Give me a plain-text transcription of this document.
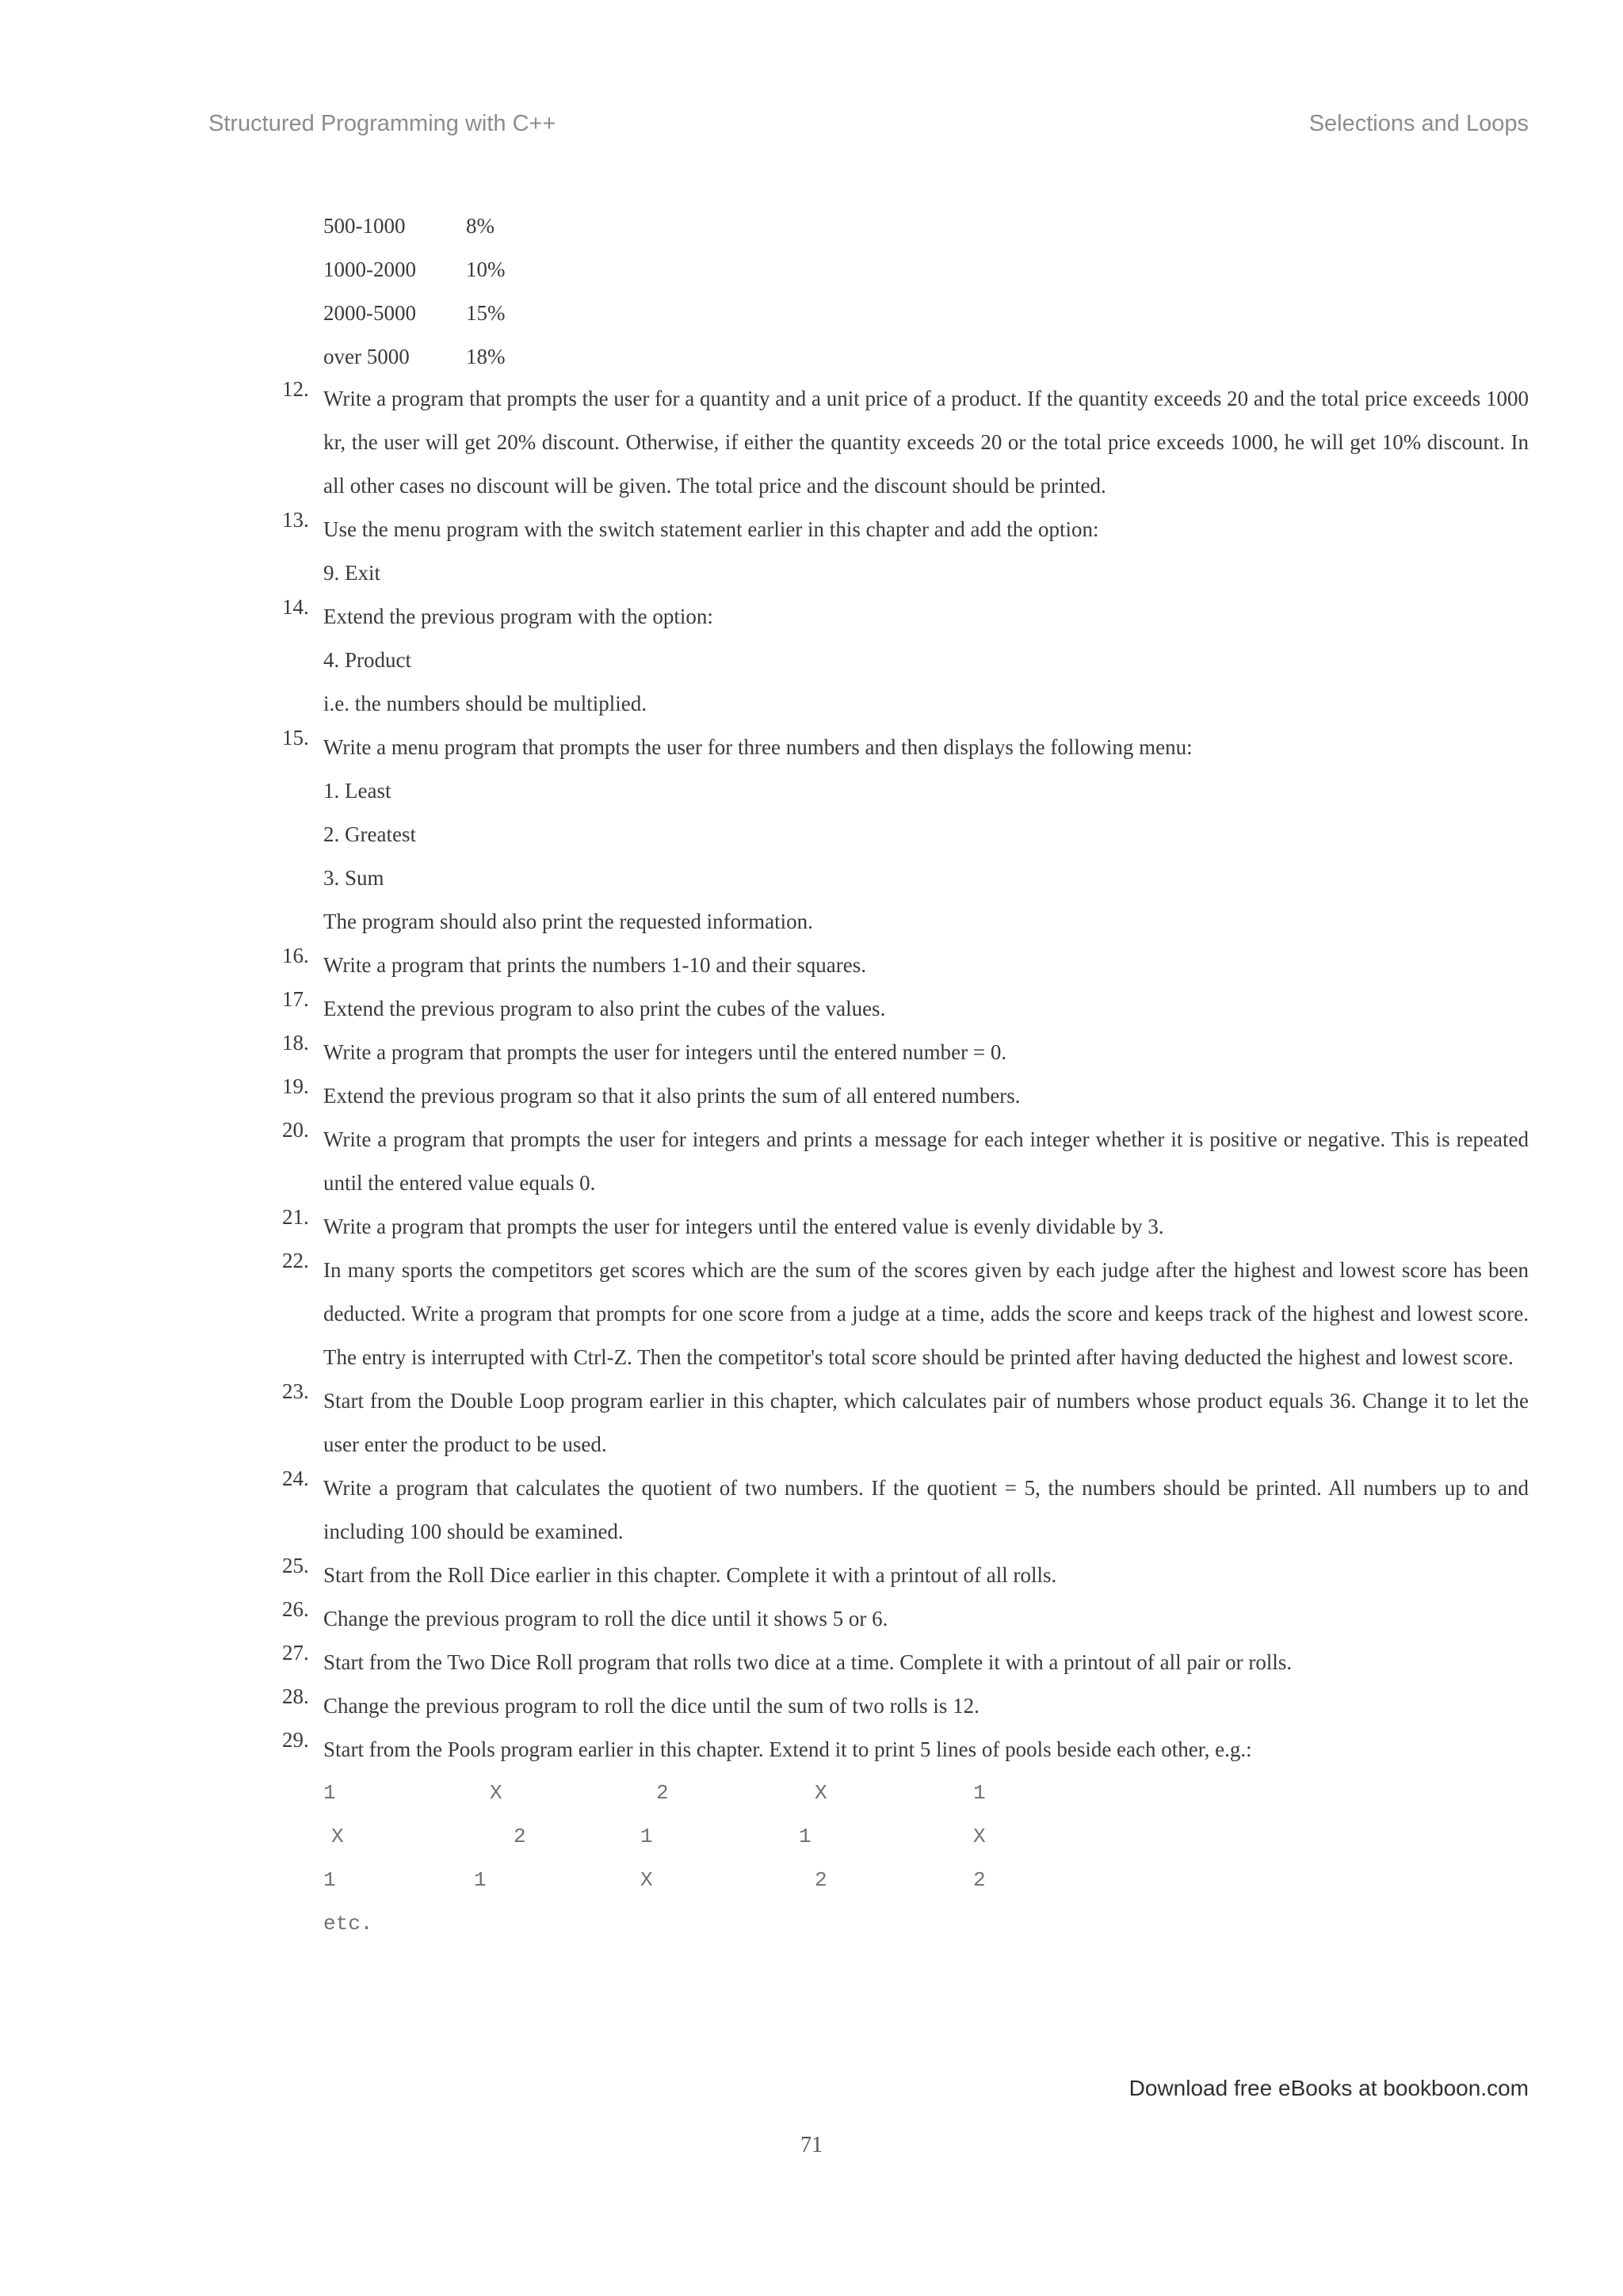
Structured Programming with C++	Selections and Loops
500-1000	8%
1000-2000	10%
2000-5000	15%
over 5000	18%
12. Write a program that prompts the user for a quantity and a unit price of a product. If the quantity exceeds 20 and the total price exceeds 1000 kr, the user will get 20% discount. Otherwise, if either the quantity exceeds 20 or the total price exceeds 1000, he will get 10% discount. In all other cases no discount will be given. The total price and the discount should be printed.
13. Use the menu program with the switch statement earlier in this chapter and add the option:
9. Exit
14. Extend the previous program with the option:
4. Product
i.e. the numbers should be multiplied.
15. Write a menu program that prompts the user for three numbers and then displays the following menu:
1. Least
2. Greatest
3. Sum
The program should also print the requested information.
16. Write a program that prints the numbers 1-10 and their squares.
17. Extend the previous program to also print the cubes of the values.
18. Write a program that prompts the user for integers until the entered number = 0.
19. Extend the previous program so that it also prints the sum of all entered numbers.
20. Write a program that prompts the user for integers and prints a message for each integer whether it is positive or negative. This is repeated until the entered value equals 0.
21. Write a program that prompts the user for integers until the entered value is evenly dividable by 3.
22. In many sports the competitors get scores which are the sum of the scores given by each judge after the highest and lowest score has been deducted. Write a program that prompts for one score from a judge at a time, adds the score and keeps track of the highest and lowest score. The entry is interrupted with Ctrl-Z. Then the competitor's total score should be printed after having deducted the highest and lowest score.
23. Start from the Double Loop program earlier in this chapter, which calculates pair of numbers whose product equals 36. Change it to let the user enter the product to be used.
24. Write a program that calculates the quotient of two numbers. If the quotient = 5, the numbers should be printed. All numbers up to and including 100 should be examined.
25. Start from the Roll Dice earlier in this chapter. Complete it with a printout of all rolls.
26. Change the previous program to roll the dice until it shows 5 or 6.
27. Start from the Two Dice Roll program that rolls two dice at a time. Complete it with a printout of all pair or rolls.
28. Change the previous program to roll the dice until the sum of two rolls is 12.
29. Start from the Pools program earlier in this chapter. Extend it to print 5 lines of pools beside each other, e.g.:
1	X	2	X	1
X	2	1	1	X
1	1	X	2	2
etc.
Download free eBooks at bookboon.com
71
